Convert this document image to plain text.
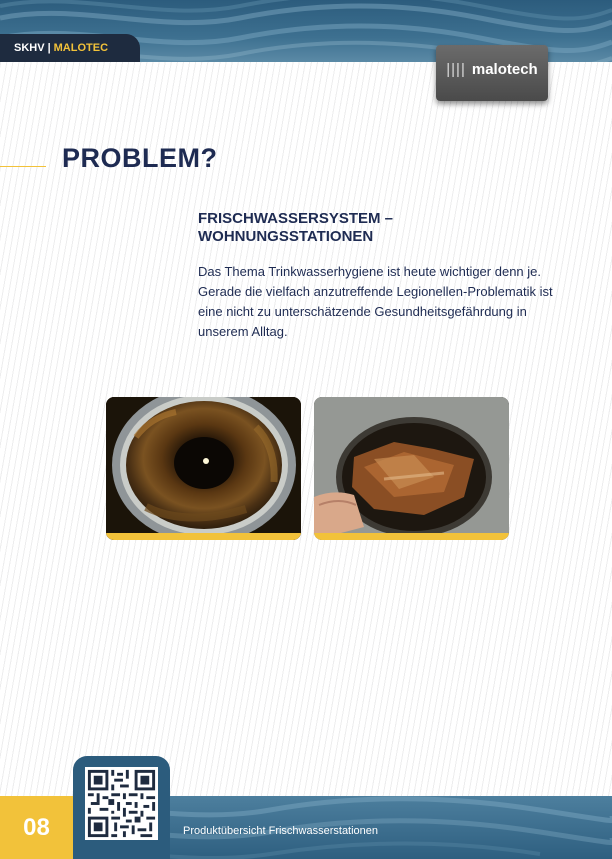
SKHV | MALOTEC
|||| malotech
PROBLEM?
FRISCHWASSERSYSTEM – WOHNUNGSSTATIONEN

Das Thema Trinkwasserhygiene ist heute wichtiger denn je. Gerade die vielfach anzutreffende Legionellen-Problematik ist eine nicht zu unterschätzende Gesundheitsgefährdung in unserem Alltag.

08	Produktübersicht Frischwasserstationen
